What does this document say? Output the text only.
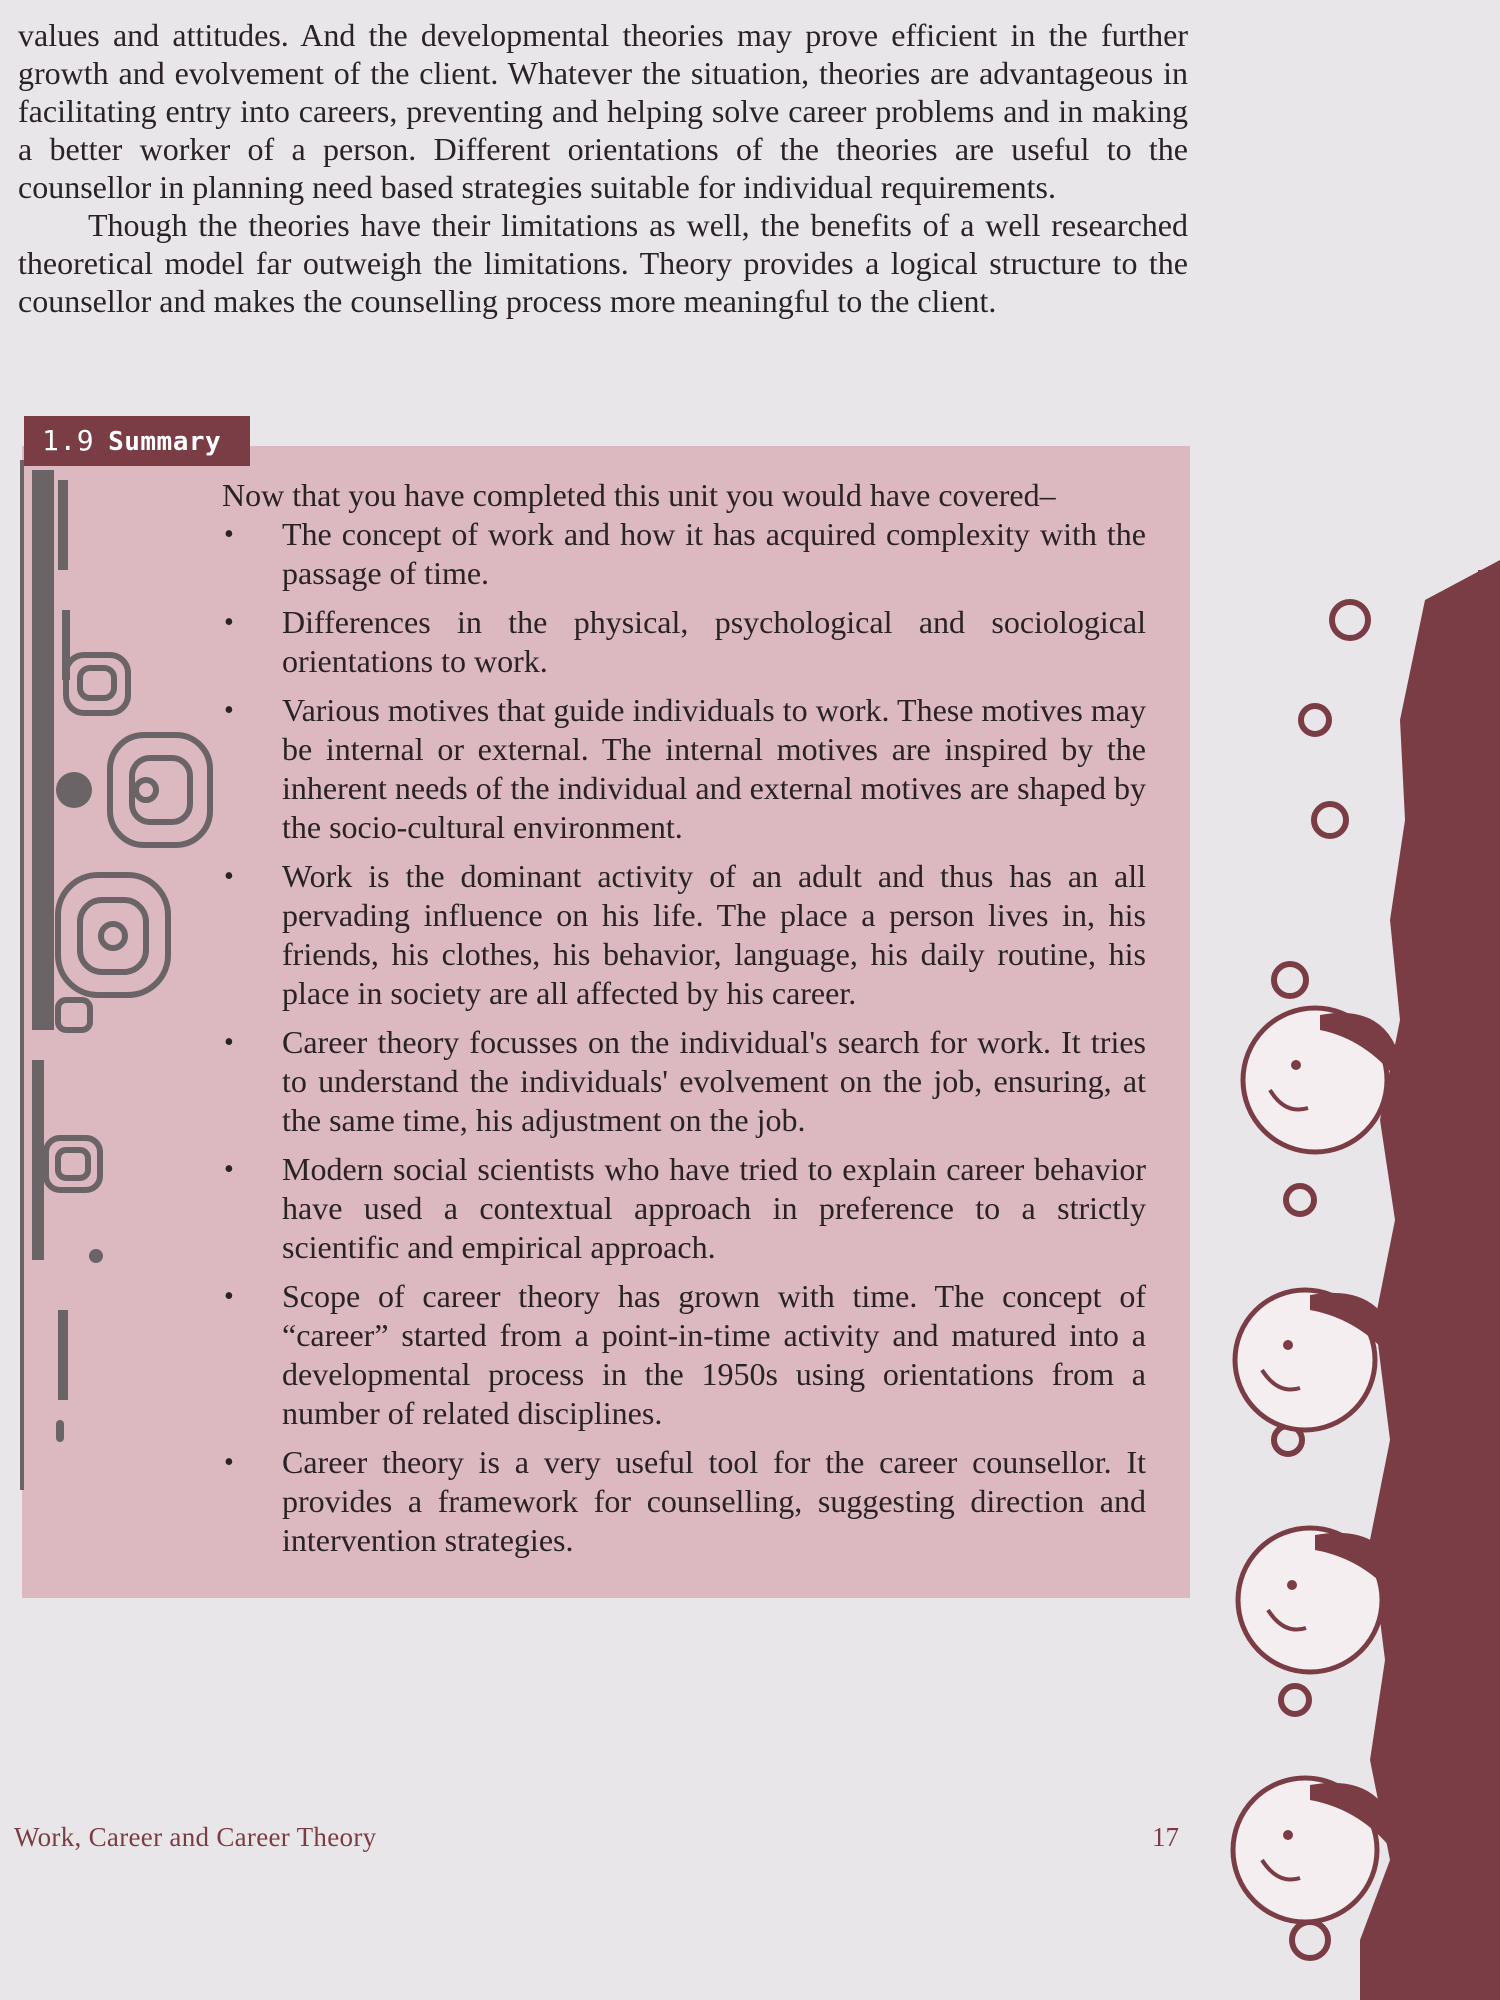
values and attitudes. And the developmental theories may prove efficient in the further growth and evolvement of the client. Whatever the situation, theories are advantageous in facilitating entry into careers, preventing and helping solve career problems and in making a better worker of a person. Different orientations of the theories are useful to the counsellor in planning need based strategies suitable for individual requirements.

Though the theories have their limitations as well, the benefits of a well researched theoretical model far outweigh the limitations. Theory provides a logical structure to the counsellor and makes the counselling process more meaningful to the client.

1.9 Summary

Now that you have completed this unit you would have covered–

• The concept of work and how it has acquired complexity with the passage of time.
• Differences in the physical, psychological and sociological orientations to work.
• Various motives that guide individuals to work. These motives may be internal or external. The internal motives are inspired by the inherent needs of the individual and external motives are shaped by the socio-cultural environment.
• Work is the dominant activity of an adult and thus has an all pervading influence on his life. The place a person lives in, his friends, his clothes, his behavior, language, his daily routine, his place in society are all affected by his career.
• Career theory focusses on the individual's search for work. It tries to understand the individuals' evolvement on the job, ensuring, at the same time, his adjustment on the job.
• Modern social scientists who have tried to explain career behavior have used a contextual approach in preference to a strictly scientific and empirical approach.
• Scope of career theory has grown with time. The concept of “career” started from a point-in-time activity and matured into a developmental process in the 1950s using orientations from a number of related disciplines.
• Career theory is a very useful tool for the career counsellor. It provides a framework for counselling, suggesting direction and intervention strategies.
Work, Career and Career Theory	17
